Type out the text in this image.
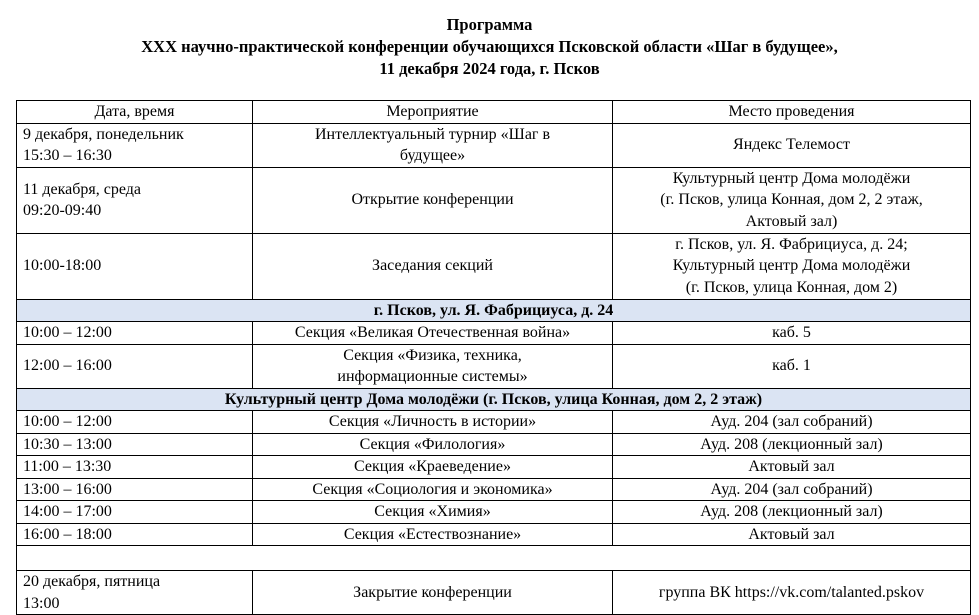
Программа
XXX научно-практической конференции обучающихся Псковской области «Шаг в будущее»,
11 декабря 2024 года, г. Псков
Дата, время	Мероприятие	Место проведения

9 декабря, понедельник
15:30 – 16:30	Интеллектуальный турнир «Шаг в
будущее»	Яндекс Телемост

11 декабря, среда
09:20-09:40	Открытие конференции	Культурный центр Дома молодёжи
(г. Псков, улица Конная, дом 2, 2 этаж,
Актовый зал)

10:00-18:00	Заседания секций	г. Псков, ул. Я. Фабрициуса, д. 24;
Культурный центр Дома молодёжи
(г. Псков, улица Конная, дом 2)

г. Псков, ул. Я. Фабрициуса, д. 24		
10:00 – 12:00	Секция «Великая Отечественная война»	каб. 5
12:00 – 16:00	Секция «Физика, техника,
информационные системы»	каб. 1
Культурный центр Дома молодёжи (г. Псков, улица Конная, дом 2, 2 этаж)		
10:00 – 12:00	Секция «Личность в истории»	Ауд. 204 (зал собраний)
10:30 – 13:00	Секция «Филология»	Ауд. 208 (лекционный зал)
11:00 – 13:30	Секция «Краеведение»	Актовый зал
13:00 – 16:00	Секция «Социология и экономика»	Ауд. 204 (зал собраний)
14:00 – 17:00	Секция «Химия»	Ауд. 208 (лекционный зал)
16:00 – 18:00	Секция «Естествознание»	Актовый зал

20 декабря, пятница
13:00	Закрытие конференции	группа ВК https://vk.com/talanted.pskov
